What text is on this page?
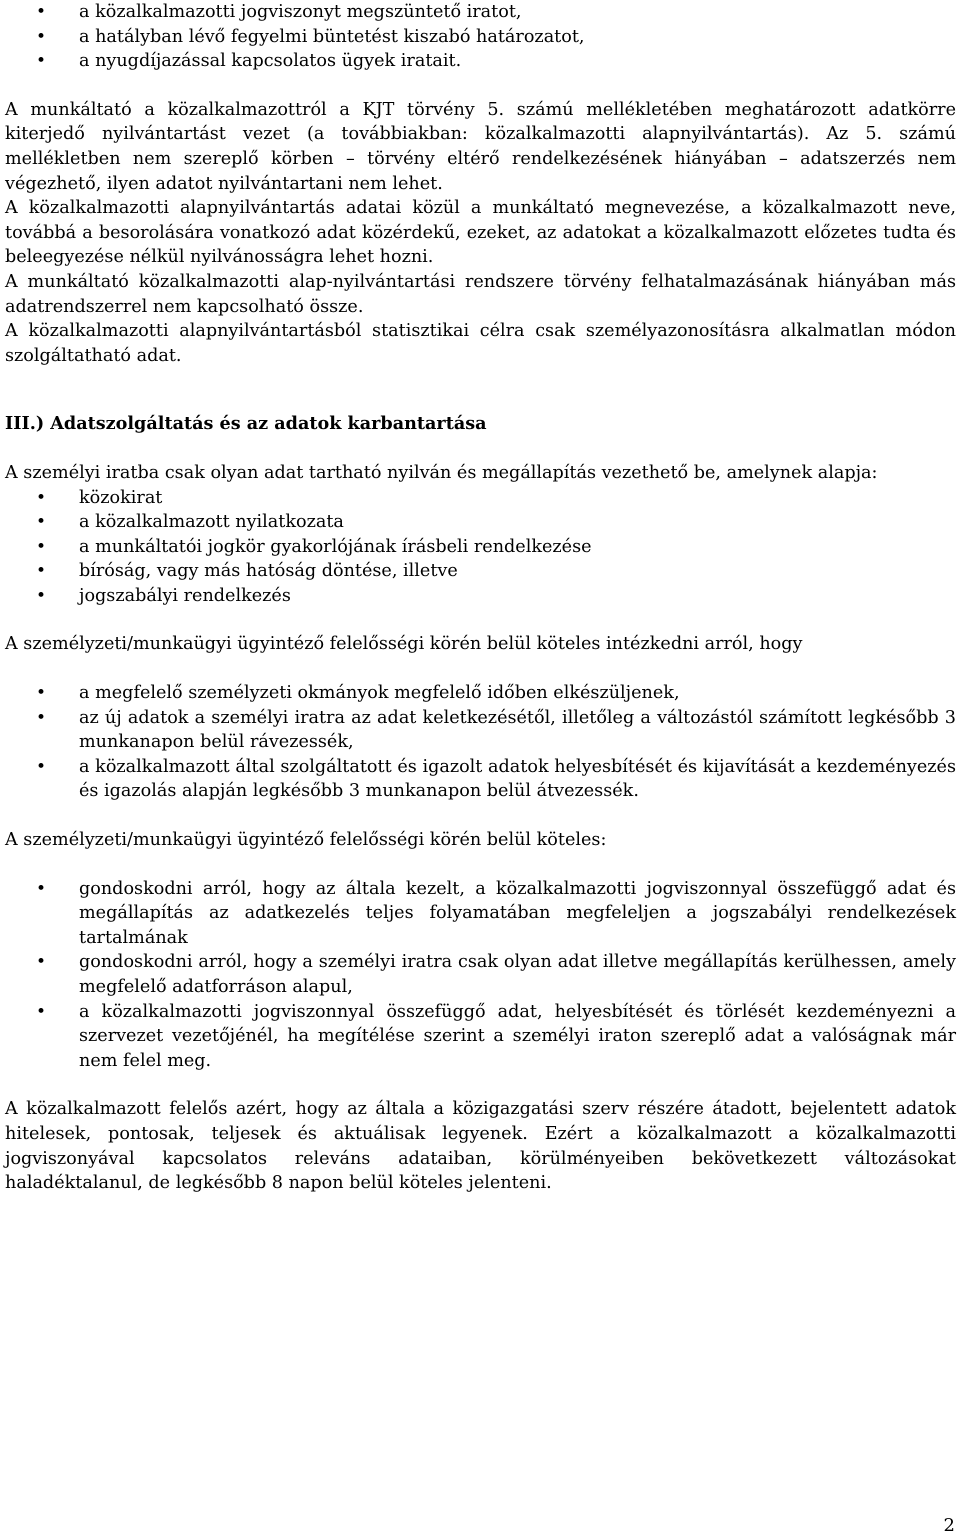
• a közalkalmazotti jogviszonyt megszüntető iratot,
• a hatályban lévő fegyelmi büntetést kiszabó határozatot,
• a nyugdíjazással kapcsolatos ügyek iratait.

A munkáltató a közalkalmazottról a KJT törvény 5. számú mellékletében meghatározott adatkörre kiterjedő nyilvántartást vezet (a továbbiakban: közalkalmazotti alapnyilvántartás). Az 5. számú mellékletben nem szereplő körben – törvény eltérő rendelkezésének hiányában – adatszerzés nem végezhető, ilyen adatot nyilvántartani nem lehet.

A közalkalmazotti alapnyilvántartás adatai közül a munkáltató megnevezése, a közalkalmazott neve, továbbá a besorolására vonatkozó adat közérdekű, ezeket, az adatokat a közalkalmazott előzetes tudta és beleegyezése nélkül nyilvánosságra lehet hozni.

A munkáltató közalkalmazotti alap-nyilvántartási rendszere törvény felhatalmazásának hiányában más adatrendszerrel nem kapcsolható össze.

A közalkalmazotti alapnyilvántartásból statisztikai célra csak személyazonosításra alkalmatlan módon szolgáltatható adat.

III.) Adatszolgáltatás és az adatok karbantartása

A személyi iratba csak olyan adat tartható nyilván és megállapítás vezethető be, amelynek alapja:

• közokirat
• a közalkalmazott nyilatkozata
• a munkáltatói jogkör gyakorlójának írásbeli rendelkezése
• bíróság, vagy más hatóság döntése, illetve
• jogszabályi rendelkezés

A személyzeti/munkaügyi ügyintéző felelősségi körén belül köteles intézkedni arról, hogy

• a megfelelő személyzeti okmányok megfelelő időben elkészüljenek,
• az új adatok a személyi iratra az adat keletkezésétől, illetőleg a változástól számított legkésőbb 3 munkanapon belül rávezessék,
• a közalkalmazott által szolgáltatott és igazolt adatok helyesbítését és kijavítását a kezdeményezés és igazolás alapján legkésőbb 3 munkanapon belül átvezessék.

A személyzeti/munkaügyi ügyintéző felelősségi körén belül köteles:

• gondoskodni arról, hogy az általa kezelt, a közalkalmazotti jogviszonnyal összefüggő adat és megállapítás az adatkezelés teljes folyamatában megfeleljen a jogszabályi rendelkezések tartalmának
• gondoskodni arról, hogy a személyi iratra csak olyan adat illetve megállapítás kerülhessen, amely megfelelő adatforráson alapul,
• a közalkalmazotti jogviszonnyal összefüggő adat, helyesbítését és törlését kezdeményezni a szervezet vezetőjénél, ha megítélése szerint a személyi iraton szereplő adat a valóságnak már nem felel meg.

A közalkalmazott felelős azért, hogy az általa a közigazgatási szerv részére átadott, bejelentett adatok hitelesek, pontosak, teljesek és aktuálisak legyenek. Ezért a közalkalmazott a közalkalmazotti jogviszonyával kapcsolatos releváns adataiban, körülményeiben bekövetkezett változásokat haladéktalanul, de legkésőbb 8 napon belül köteles jelenteni.

2
